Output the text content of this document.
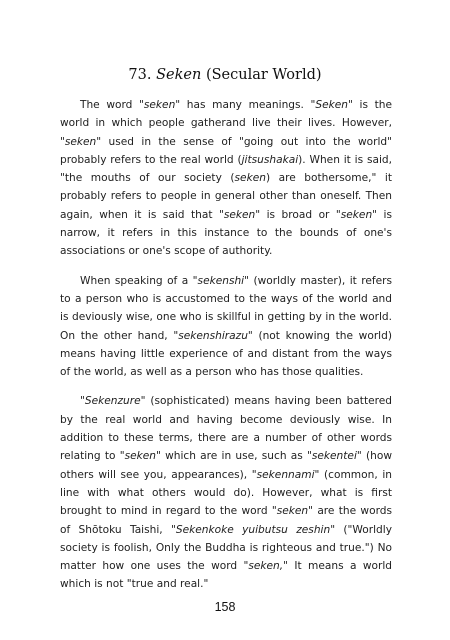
73. Seken (Secular World)

The word "seken" has many meanings. "Seken" is the world in which people gatherand live their lives. However, "seken" used in the sense of "going out into the world" probably refers to the real world (jitsushakai). When it is said, "the mouths of our society (seken) are bothersome," it probably refers to people in general other than oneself. Then again, when it is said that "seken" is broad or "seken" is narrow, it refers in this instance to the bounds of one's associations or one's scope of authority.

When speaking of a "sekenshi" (worldly master), it refers to a person who is accustomed to the ways of the world and is deviously wise, one who is skillful in getting by in the world. On the other hand, "sekenshirazu" (not knowing the world) means having little experience of and distant from the ways of the world, as well as a person who has those qualities.

"Sekenzure" (sophisticated) means having been battered by the real world and having become deviously wise. In addition to these terms, there are a number of other words relating to "seken" which are in use, such as "sekentei" (how others will see you, appearances), "sekennami" (common, in line with what others would do). However, what is first brought to mind in regard to the word "seken" are the words of Shōtoku Taishi, "Sekenkoke yuibutsu zeshin" ("Worldly society is foolish, Only the Buddha is righteous and true.") No matter how one uses the word "seken," It means a world which is not "true and real."

158
